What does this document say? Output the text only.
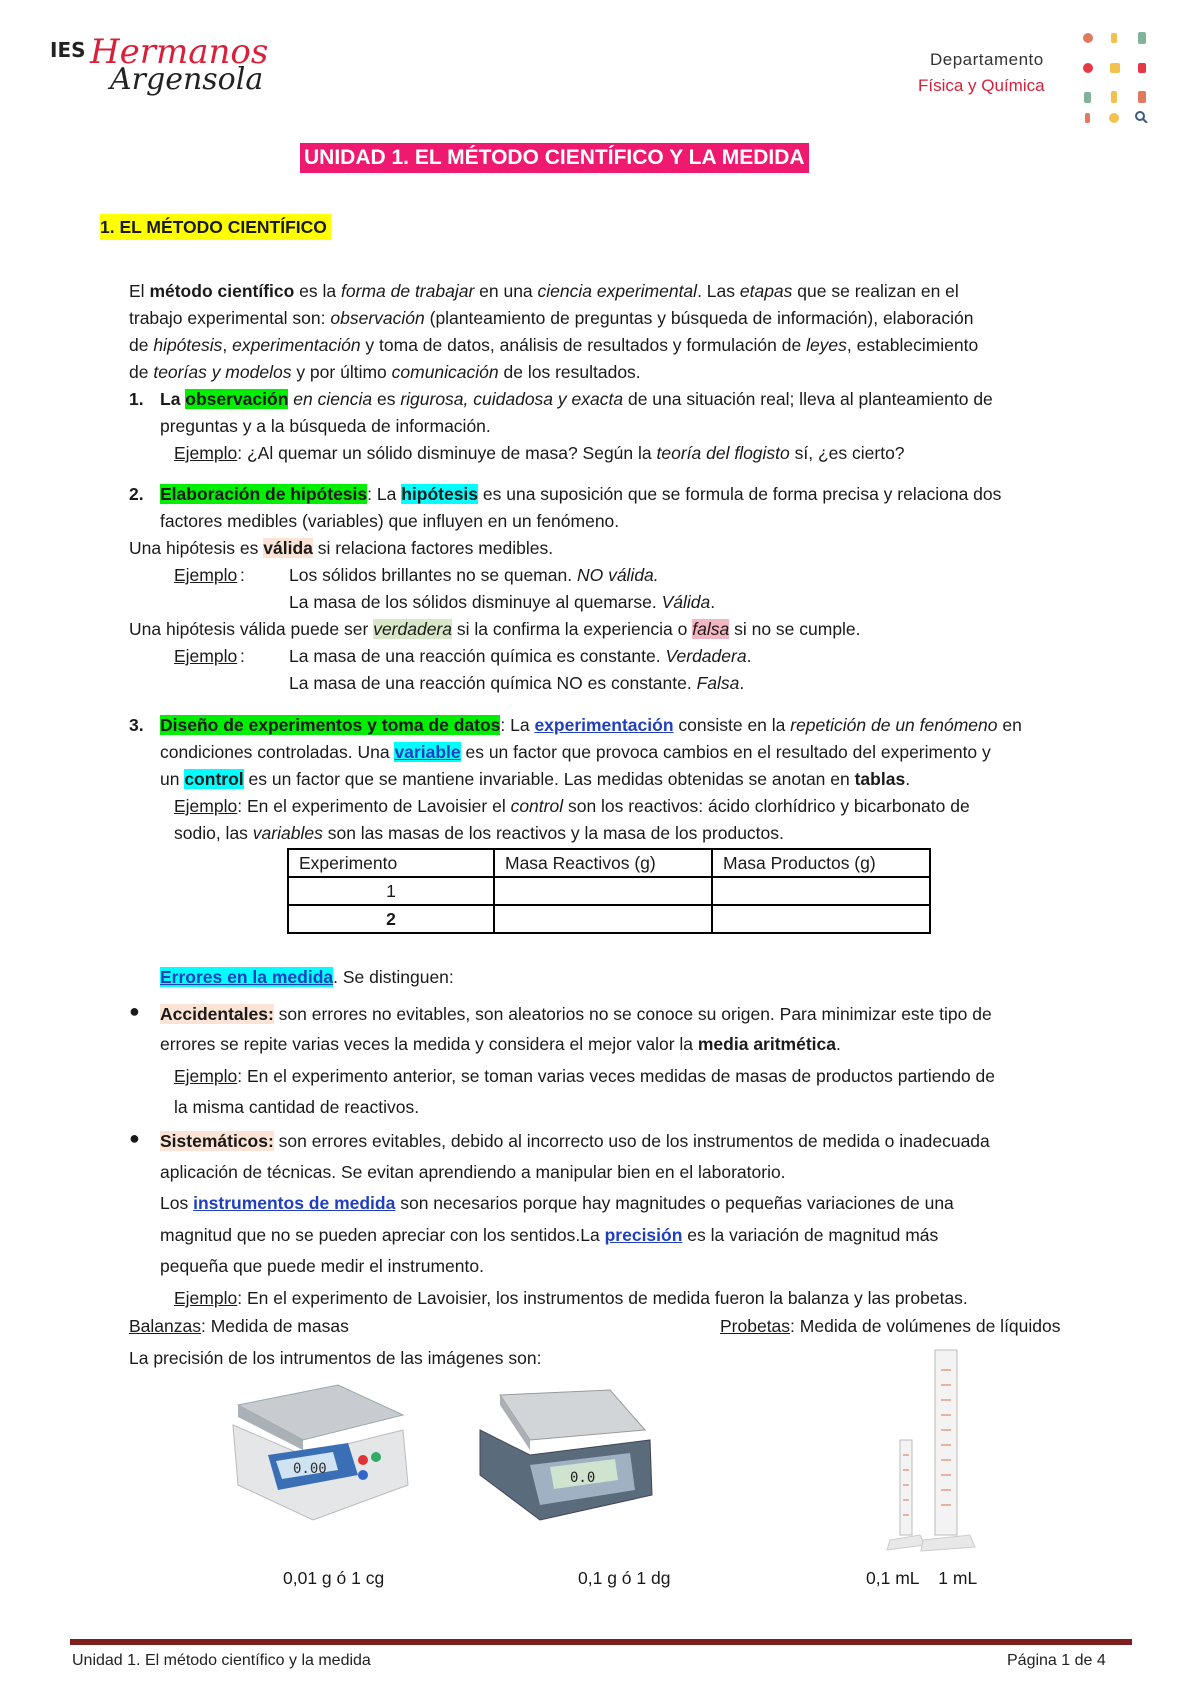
IES Hermanos
Argensola
Departamento
Física y Química
UNIDAD 1. EL MÉTODO CIENTÍFICO Y LA MEDIDA
1. EL MÉTODO CIENTÍFICO
El método científico es la forma de trabajar en una ciencia experimental. Las etapas que se realizan en el
trabajo experimental son: observación (planteamiento de preguntas y búsqueda de información), elaboración
de hipótesis, experimentación y toma de datos, análisis de resultados y formulación de leyes, establecimiento
de teorías y modelos y por último comunicación de los resultados.
1. La observación en ciencia es rigurosa, cuidadosa y exacta de una situación real; lleva al planteamiento de
preguntas y a la búsqueda de información.
Ejemplo: ¿Al quemar un sólido disminuye de masa? Según la teoría del flogisto sí, ¿es cierto?
2. Elaboración de hipótesis: La hipótesis es una suposición que se formula de forma precisa y relaciona dos
factores medibles (variables) que influyen en un fenómeno.
Una hipótesis es válida si relaciona factores medibles.
Ejemplo :	Los sólidos brillantes no se queman. NO válida.
La masa de los sólidos disminuye al quemarse. Válida.
Una hipótesis válida puede ser verdadera si la confirma la experiencia o falsa si no se cumple.
Ejemplo :	La masa de una reacción química es constante. Verdadera.
La masa de una reacción química NO es constante. Falsa.
3. Diseño de experimentos y toma de datos: La experimentación consiste en la repetición de un fenómeno en
condiciones controladas. Una variable es un factor que provoca cambios en el resultado del experimento y
un control es un factor que se mantiene invariable. Las medidas obtenidas se anotan en tablas.
Ejemplo: En el experimento de Lavoisier el control son los reactivos: ácido clorhídrico y bicarbonato de
sodio, las variables son las masas de los reactivos y la masa de los productos.
Experimento	Masa Reactivos (g)	Masa Productos (g)
1		
2		
Errores en la medida. Se distinguen:
● Accidentales: son errores no evitables, son aleatorios no se conoce su origen. Para minimizar este tipo de
errores se repite varias veces la medida y considera el mejor valor la media aritmética.
Ejemplo: En el experimento anterior, se toman varias veces medidas de masas de productos partiendo de
la misma cantidad de reactivos.
● Sistemáticos: son errores evitables, debido al incorrecto uso de los instrumentos de medida o inadecuada
aplicación de técnicas. Se evitan aprendiendo a manipular bien en el laboratorio.
Los instrumentos de medida son necesarios porque hay magnitudes o pequeñas variaciones de una
magnitud que no se pueden apreciar con los sentidos.La precisión es la variación de magnitud más
pequeña que puede medir el instrumento.
Ejemplo: En el experimento de Lavoisier, los instrumentos de medida fueron la balanza y las probetas.
Balanzas: Medida de masas	Probetas: Medida de volúmenes de líquidos
La precisión de los intrumentos de las imágenes son:
0.00
0.0
0,01 g ó 1 cg	0,1 g ó 1 dg	0,1 mL    1 mL
Unidad 1. El método científico y la medida	Página 1 de 4
